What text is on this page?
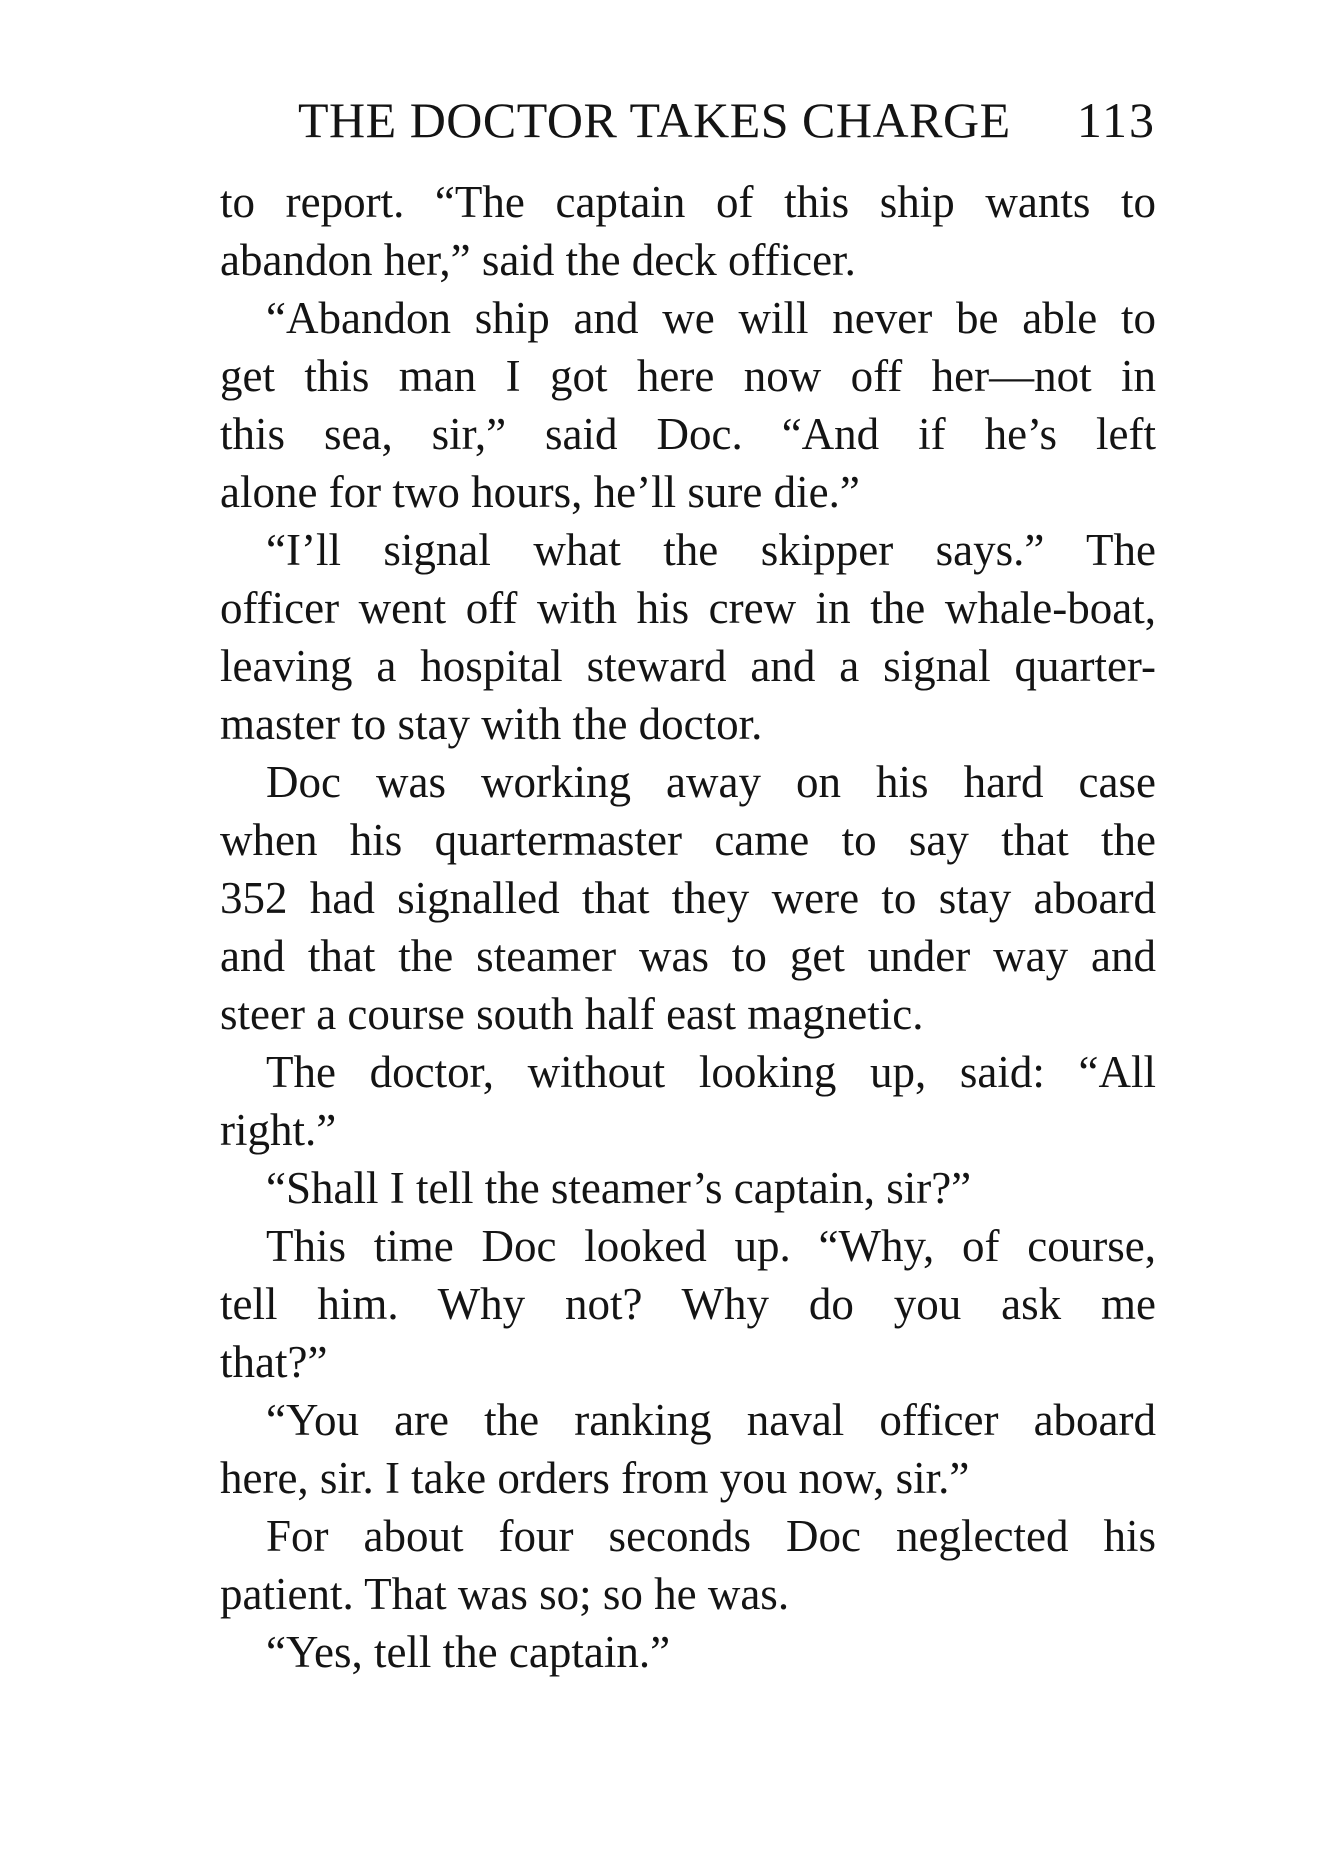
THE DOCTOR TAKES CHARGE 113
to report. “The captain of this ship wants to
abandon her,” said the deck officer.
“Abandon ship and we will never be able to
get this man I got here now off her—not in
this sea, sir,” said Doc. “And if he’s left
alone for two hours, he’ll sure die.”
“I’ll signal what the skipper says.” The
officer went off with his crew in the whale-boat,
leaving a hospital steward and a signal quarter-
master to stay with the doctor.
Doc was working away on his hard case
when his quartermaster came to say that the
352 had signalled that they were to stay aboard
and that the steamer was to get under way and
steer a course south half east magnetic.
The doctor, without looking up, said: “All
right.”
“Shall I tell the steamer’s captain, sir?”
This time Doc looked up. “Why, of course,
tell him. Why not? Why do you ask me
that?”
“You are the ranking naval officer aboard
here, sir. I take orders from you now, sir.”
For about four seconds Doc neglected his
patient. That was so; so he was.
“Yes, tell the captain.”
